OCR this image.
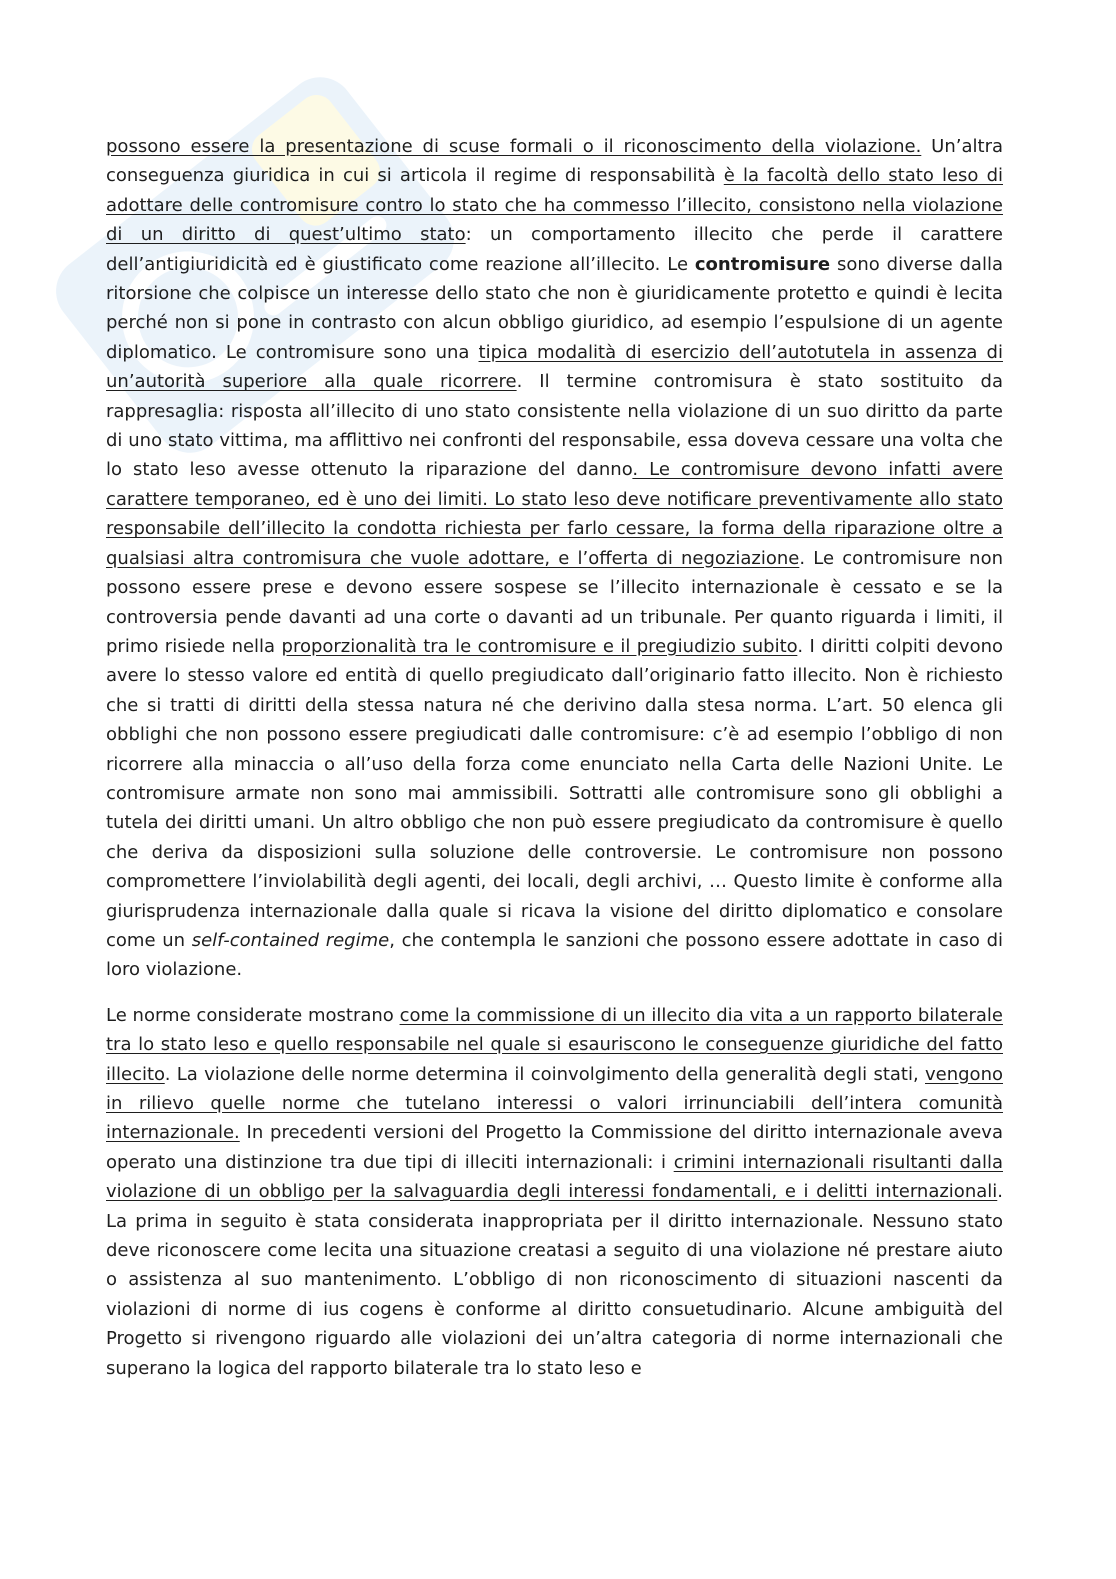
possono essere la presentazione di scuse formali o il riconoscimento della violazione. Un’altra conseguenza giuridica in cui si articola il regime di responsabilità è la facoltà dello stato leso di adottare delle contromisure contro lo stato che ha commesso l’illecito, consistono nella violazione di un diritto di quest’ultimo stato: un comportamento illecito che perde il carattere dell’antigiuridicità ed è giustificato come reazione all’illecito. Le contromisure sono diverse dalla ritorsione che colpisce un interesse dello stato che non è giuridicamente protetto e quindi è lecita perché non si pone in contrasto con alcun obbligo giuridico, ad esempio l’espulsione di un agente diplomatico. Le contromisure sono una tipica modalità di esercizio dell’autotutela in assenza di un’autorità superiore alla quale ricorrere. Il termine contromisura è stato sostituito da rappresaglia: risposta all’illecito di uno stato consistente nella violazione di un suo diritto da parte di uno stato vittima, ma afflittivo nei confronti del responsabile, essa doveva cessare una volta che lo stato leso avesse ottenuto la riparazione del danno. Le contromisure devono infatti avere carattere temporaneo, ed è uno dei limiti. Lo stato leso deve notificare preventivamente allo stato responsabile dell’illecito la condotta richiesta per farlo cessare, la forma della riparazione oltre a qualsiasi altra contromisura che vuole adottare, e l’offerta di negoziazione. Le contromisure non possono essere prese e devono essere sospese se l’illecito internazionale è cessato e se la controversia pende davanti ad una corte o davanti ad un tribunale. Per quanto riguarda i limiti, il primo risiede nella proporzionalità tra le contromisure e il pregiudizio subito. I diritti colpiti devono avere lo stesso valore ed entità di quello pregiudicato dall’originario fatto illecito. Non è richiesto che si tratti di diritti della stessa natura né che derivino dalla stesa norma. L’art. 50 elenca gli obblighi che non possono essere pregiudicati dalle contromisure: c’è ad esempio l’obbligo di non ricorrere alla minaccia o all’uso della forza come enunciato nella Carta delle Nazioni Unite. Le contromisure armate non sono mai ammissibili. Sottratti alle contromisure sono gli obblighi a tutela dei diritti umani. Un altro obbligo che non può essere pregiudicato da contromisure è quello che deriva da disposizioni sulla soluzione delle controversie. Le contromisure non possono compromettere l’inviolabilità degli agenti, dei locali, degli archivi, … Questo limite è conforme alla giurisprudenza internazionale dalla quale si ricava la visione del diritto diplomatico e consolare come un self-contained regime, che contempla le sanzioni che possono essere adottate in caso di loro violazione.

Le norme considerate mostrano come la commissione di un illecito dia vita a un rapporto bilaterale tra lo stato leso e quello responsabile nel quale si esauriscono le conseguenze giuridiche del fatto illecito. La violazione delle norme determina il coinvolgimento della generalità degli stati, vengono in rilievo quelle norme che tutelano interessi o valori irrinunciabili dell’intera comunità internazionale. In precedenti versioni del Progetto la Commissione del diritto internazionale aveva operato una distinzione tra due tipi di illeciti internazionali: i crimini internazionali risultanti dalla violazione di un obbligo per la salvaguardia degli interessi fondamentali, e i delitti internazionali. La prima in seguito è stata considerata inappropriata per il diritto internazionale. Nessuno stato deve riconoscere come lecita una situazione creatasi a seguito di una violazione né prestare aiuto o assistenza al suo mantenimento. L’obbligo di non riconoscimento di situazioni nascenti da violazioni di norme di ius cogens è conforme al diritto consuetudinario. Alcune ambiguità del Progetto si rivengono riguardo alle violazioni dei un’altra categoria di norme internazionali che superano la logica del rapporto bilaterale tra lo stato leso e
